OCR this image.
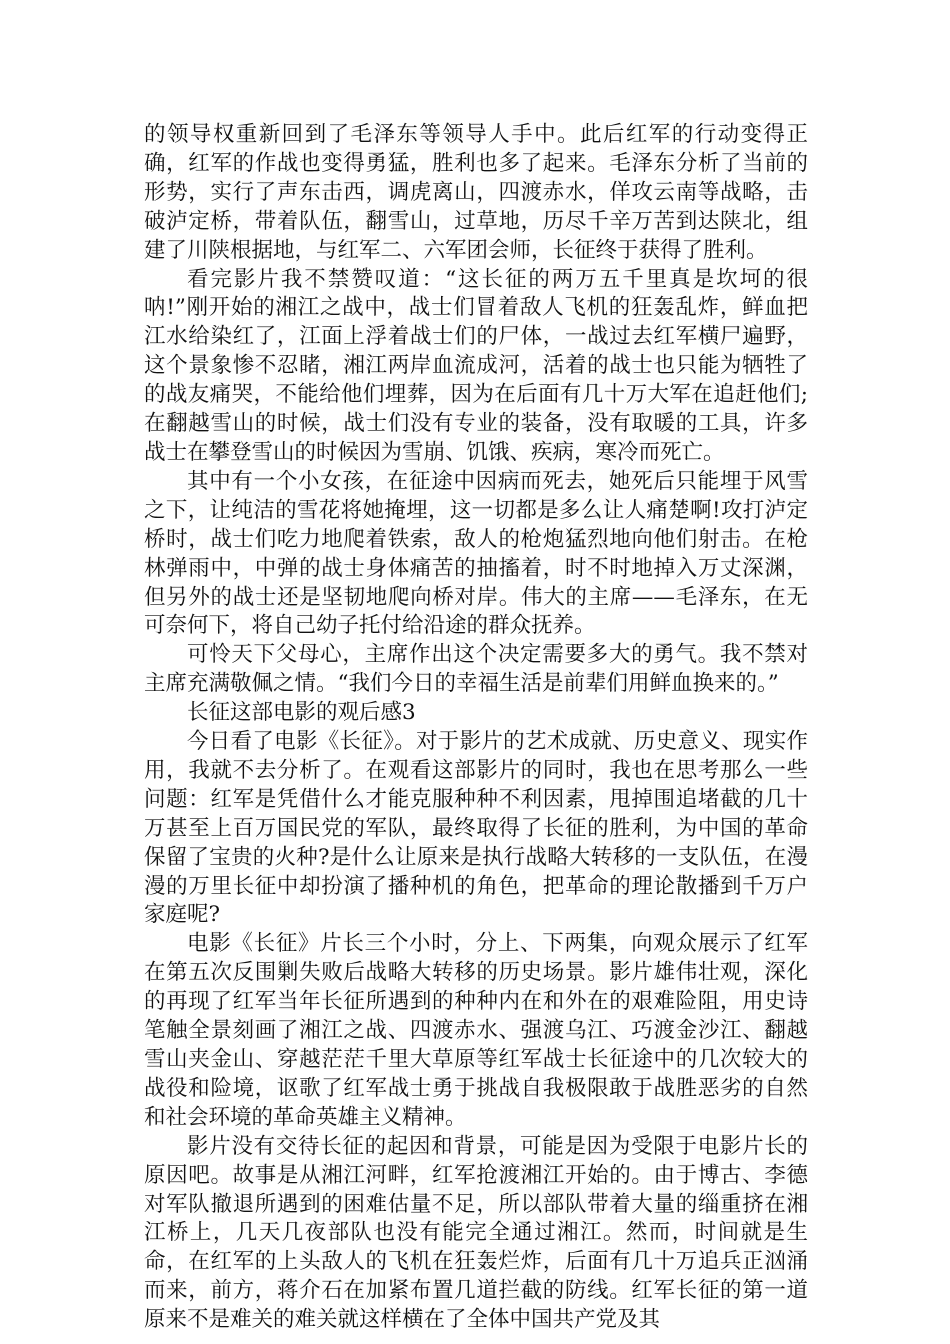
的领导权重新回到了毛泽东等领导人手中。此后红军的行动变得正确，红军的作战也变得勇猛，胜利也多了起来。毛泽东分析了当前的形势，实行了声东击西，调虎离山，四渡赤水，佯攻云南等战略，击破泸定桥，带着队伍，翻雪山，过草地，历尽千辛万苦到达陕北，组建了川陕根据地，与红军二、六军团会师，长征终于获得了胜利。

看完影片我不禁赞叹道：“这长征的两万五千里真是坎坷的很呐!”刚开始的湘江之战中，战士们冒着敌人飞机的狂轰乱炸，鲜血把江水给染红了，江面上浮着战士们的尸体，一战过去红军横尸遍野，这个景象惨不忍睹，湘江两岸血流成河，活着的战士也只能为牺牲了的战友痛哭，不能给他们埋葬，因为在后面有几十万大军在追赶他们;在翻越雪山的时候，战士们没有专业的装备，没有取暖的工具，许多战士在攀登雪山的时候因为雪崩、饥饿、疾病，寒冷而死亡。

其中有一个小女孩，在征途中因病而死去，她死后只能埋于风雪之下，让纯洁的雪花将她掩埋，这一切都是多么让人痛楚啊!攻打泸定桥时，战士们吃力地爬着铁索，敌人的枪炮猛烈地向他们射击。在枪林弹雨中，中弹的战士身体痛苦的抽搐着，时不时地掉入万丈深渊，但另外的战士还是坚韧地爬向桥对岸。伟大的主席——毛泽东，在无可奈何下，将自己幼子托付给沿途的群众抚养。

可怜天下父母心，主席作出这个决定需要多大的勇气。我不禁对主席充满敬佩之情。“我们今日的幸福生活是前辈们用鲜血换来的。”

长征这部电影的观后感3

今日看了电影《长征》。对于影片的艺术成就、历史意义、现实作用，我就不去分析了。在观看这部影片的同时，我也在思考那么一些问题：红军是凭借什么才能克服种种不利因素，甩掉围追堵截的几十万甚至上百万国民党的军队，最终取得了长征的胜利，为中国的革命保留了宝贵的火种?是什么让原来是执行战略大转移的一支队伍，在漫漫的万里长征中却扮演了播种机的角色，把革命的理论散播到千万户家庭呢?

电影《长征》片长三个小时，分上、下两集，向观众展示了红军在第五次反围剿失败后战略大转移的历史场景。影片雄伟壮观，深化的再现了红军当年长征所遇到的种种内在和外在的艰难险阻，用史诗笔触全景刻画了湘江之战、四渡赤水、强渡乌江、巧渡金沙江、翻越雪山夹金山、穿越茫茫千里大草原等红军战士长征途中的几次较大的战役和险境，讴歌了红军战士勇于挑战自我极限敢于战胜恶劣的自然和社会环境的革命英雄主义精神。

影片没有交待长征的起因和背景，可能是因为受限于电影片长的原因吧。故事是从湘江河畔，红军抢渡湘江开始的。由于博古、李德对军队撤退所遇到的困难估量不足，所以部队带着大量的缁重挤在湘江桥上，几天几夜部队也没有能完全通过湘江。然而，时间就是生命，在红军的上头敌人的飞机在狂轰烂炸，后面有几十万追兵正汹涌而来，前方，蒋介石在加紧布置几道拦截的防线。红军长征的第一道原来不是难关的难关就这样横在了全体中国共产党及其
